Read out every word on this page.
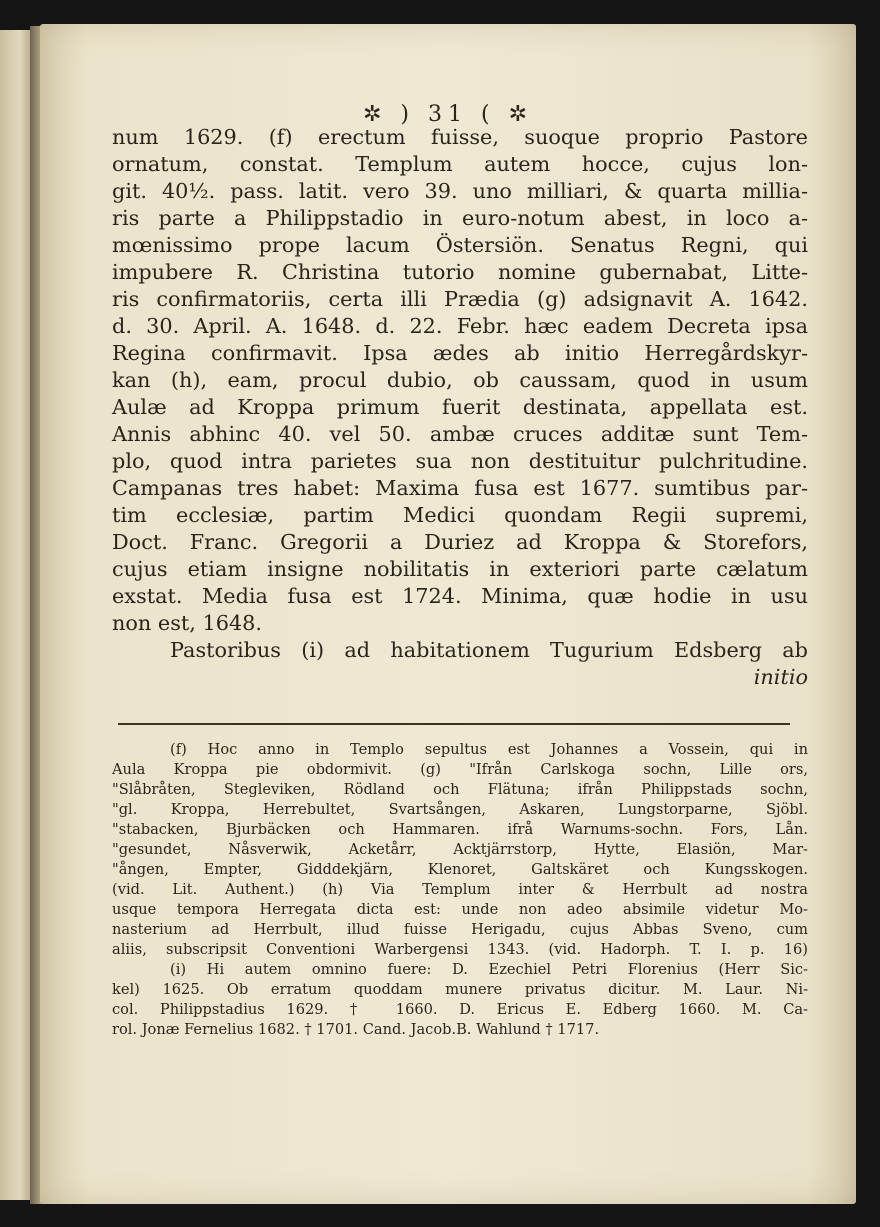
✲ ) 31 ( ✲
num 1629. (f) erectum fuisse, suoque proprio Pastore
ornatum, constat. Templum autem hocce, cujus lon-
git. 40½. pass. latit. vero 39. uno milliari, & quarta millia-
ris parte a Philippstadio in euro-notum abest, in loco a-
mœnissimo prope lacum Östersiön. Senatus Regni, qui
impubere R. Christina tutorio nomine gubernabat, Litte-
ris confirmatoriis, certa illi Prædia (g) adsignavit A. 1642.
d. 30. April. A. 1648. d. 22. Febr. hæc eadem Decreta ipsa
Regina confirmavit. Ipsa ædes ab initio Herregårdskyr-
kan (h), eam, procul dubio, ob caussam, quod in usum
Aulæ ad Kroppa primum fuerit destinata, appellata est.
Annis abhinc 40. vel 50. ambæ cruces additæ sunt Tem-
plo, quod intra parietes sua non destituitur pulchritudine.
Campanas tres habet: Maxima fusa est 1677. sumtibus par-
tim ecclesiæ, partim Medici quondam Regii supremi,
Doct. Franc. Gregorii a Duriez ad Kroppa & Storefors,
cujus etiam insigne nobilitatis in exteriori parte cælatum
exstat. Media fusa est 1724. Minima, quæ hodie in usu
non est, 1648.
Pastoribus (i) ad habitationem Tugurium Edsberg ab
initio
(f) Hoc anno in Templo sepultus est Johannes a Vossein, qui in
Aula Kroppa pie obdormivit. (g) "Ifrån Carlskoga sochn, Lille ors,
"Slåbråten, Stegleviken, Rödland och Flätuna; ifrån Philippstads sochn,
"gl. Kroppa, Herrebultet, Svartsången, Askaren, Lungstorparne, Sjöbl.
"stabacken, Bjurbäcken och Hammaren. ifrå Warnums-sochn. Fors, Lån.
"gesundet, Nåsverwik, Acketårr, Acktjärrstorp, Hytte, Elasiön, Mar-
"ången, Empter, Gidddekjärn, Klenoret, Galtskäret och Kungsskogen.
(vid. Lit. Authent.) (h) Via Templum inter & Herrbult ad nostra
usque tempora Herregata dicta est: unde non adeo absimile videtur Mo-
nasterium ad Herrbult, illud fuisse Herigadu, cujus Abbas Sveno, cum
aliis, subscripsit Conventioni Warbergensi 1343. (vid. Hadorph. T. I. p. 16)
(i) Hi autem omnino fuere: D. Ezechiel Petri Florenius (Herr Sic-
kel) 1625. Ob erratum quoddam munere privatus dicitur. M. Laur. Ni-
col. Philippstadius 1629. † 1660. D. Ericus E. Edberg 1660. M. Ca-
rol. Jonæ Fernelius 1682. † 1701. Cand. Jacob.B. Wahlund † 1717.
